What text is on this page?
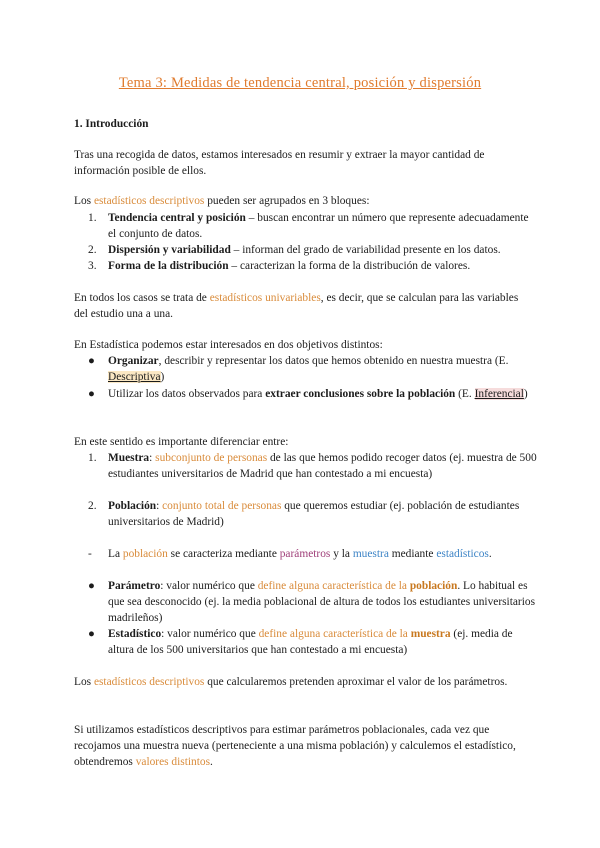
Tema 3: Medidas de tendencia central, posición y dispersión
1. Introducción
Tras una recogida de datos, estamos interesados en resumir y extraer la mayor cantidad de información posible de ellos.
Los estadísticos descriptivos pueden ser agrupados en 3 bloques:
1. Tendencia central y posición – buscan encontrar un número que represente adecuadamente el conjunto de datos.
2. Dispersión y variabilidad – informan del grado de variabilidad presente en los datos.
3. Forma de la distribución – caracterizan la forma de la distribución de valores.
En todos los casos se trata de estadísticos univariables, es decir, que se calculan para las variables del estudio una a una.
En Estadística podemos estar interesados en dos objetivos distintos:
● Organizar, describir y representar los datos que hemos obtenido en nuestra muestra (E. Descriptiva)
● Utilizar los datos observados para extraer conclusiones sobre la población (E. Inferencial)
En este sentido es importante diferenciar entre:
1. Muestra: subconjunto de personas de las que hemos podido recoger datos (ej. muestra de 500 estudiantes universitarios de Madrid que han contestado a mi encuesta)
2. Población: conjunto total de personas que queremos estudiar (ej. población de estudiantes universitarios de Madrid)
- La población se caracteriza mediante parámetros y la muestra mediante estadísticos.
● Parámetro: valor numérico que define alguna característica de la población. Lo habitual es que sea desconocido (ej. la media poblacional de altura de todos los estudiantes universitarios madrileños)
● Estadístico: valor numérico que define alguna característica de la muestra (ej. media de altura de los 500 universitarios que han contestado a mi encuesta)
Los estadísticos descriptivos que calcularemos pretenden aproximar el valor de los parámetros.
Si utilizamos estadísticos descriptivos para estimar parámetros poblacionales, cada vez que recojamos una muestra nueva (perteneciente a una misma población) y calculemos el estadístico, obtendremos valores distintos.
